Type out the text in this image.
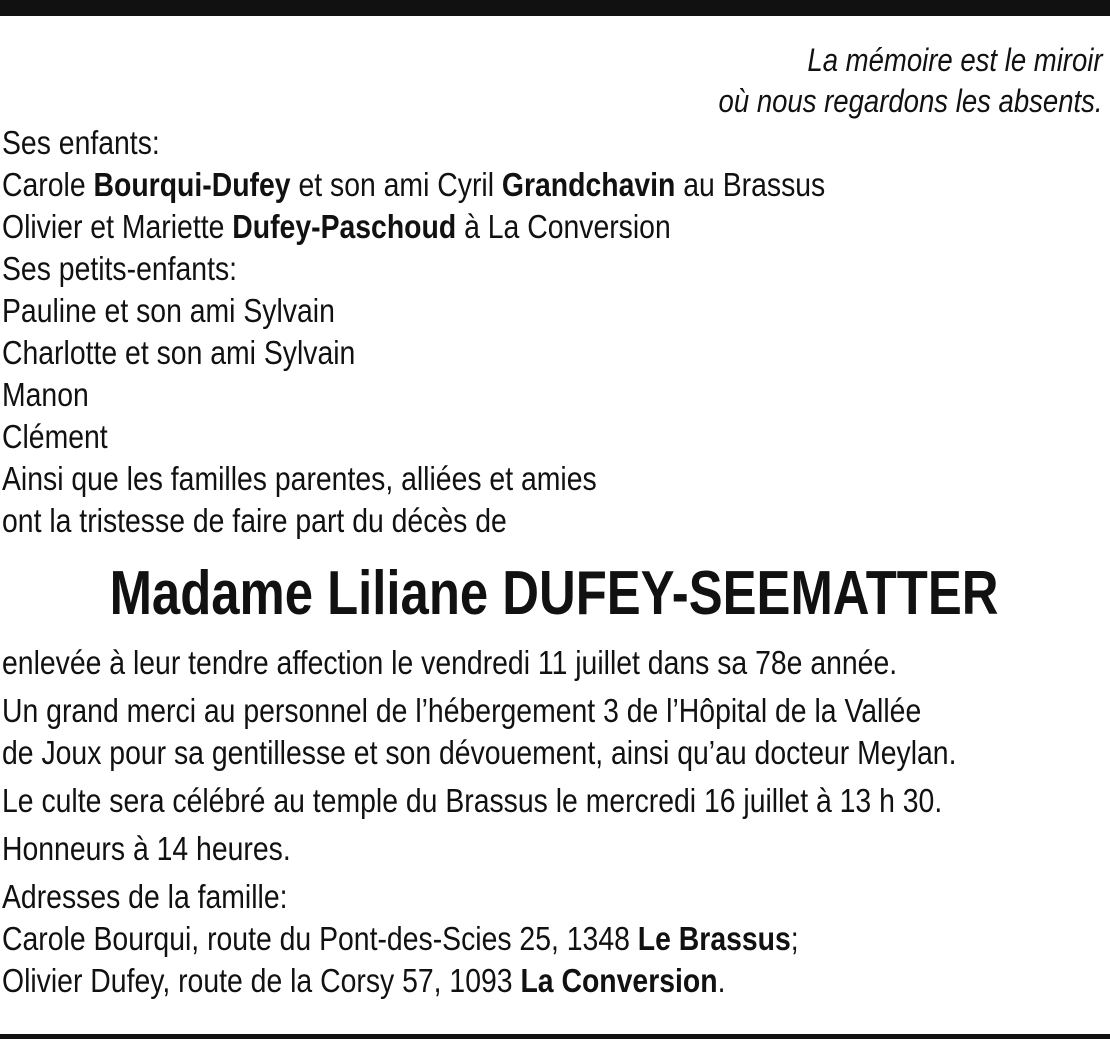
La mémoire est le miroir
où nous regardons les absents.
Ses enfants:
Carole Bourqui-Dufey et son ami Cyril Grandchavin au Brassus
Olivier et Mariette Dufey-Paschoud à La Conversion
Ses petits-enfants:
Pauline et son ami Sylvain
Charlotte et son ami Sylvain
Manon
Clément
Ainsi que les familles parentes, alliées et amies
ont la tristesse de faire part du décès de
Madame Liliane DUFEY-SEEMATTER
enlevée à leur tendre affection le vendredi 11 juillet dans sa 78e année.
Un grand merci au personnel de l’hébergement 3 de l’Hôpital de la Vallée
de Joux pour sa gentillesse et son dévouement, ainsi qu’au docteur Meylan.
Le culte sera célébré au temple du Brassus le mercredi 16 juillet à 13 h 30.
Honneurs à 14 heures.
Adresses de la famille:
Carole Bourqui, route du Pont-des-Scies 25, 1348 Le Brassus;
Olivier Dufey, route de la Corsy 57, 1093 La Conversion.
